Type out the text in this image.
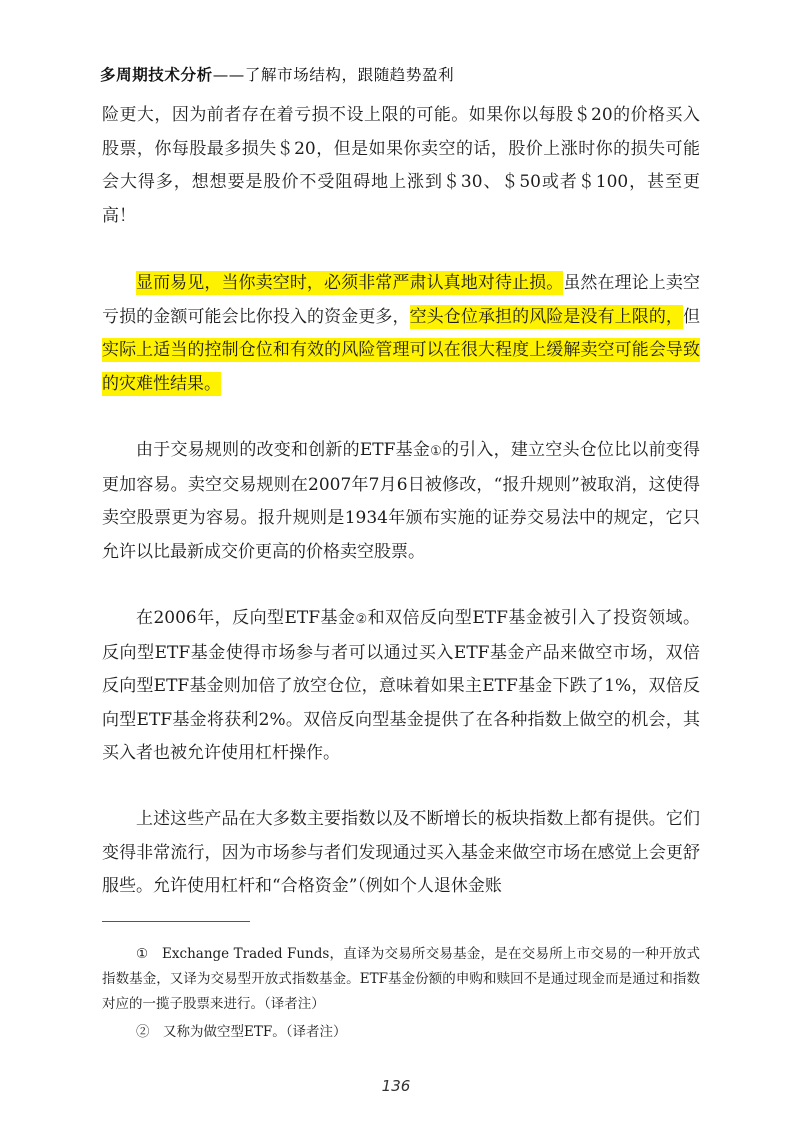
多周期技术分析——了解市场结构，跟随趋势盈利
险更大，因为前者存在着亏损不设上限的可能。如果你以每股＄20的价格买入股票，你每股最多损失＄20，但是如果你卖空的话，股价上涨时你的损失可能会大得多，想想要是股价不受阻碍地上涨到＄30、＄50或者＄100，甚至更高！
显而易见，当你卖空时，必须非常严肃认真地对待止损。虽然在理论上卖空亏损的金额可能会比你投入的资金更多，空头仓位承担的风险是没有上限的，但实际上适当的控制仓位和有效的风险管理可以在很大程度上缓解卖空可能会导致的灾难性结果。
由于交易规则的改变和创新的ETF基金①的引入，建立空头仓位比以前变得更加容易。卖空交易规则在2007年7月6日被修改，“报升规则”被取消，这使得卖空股票更为容易。报升规则是1934年颁布实施的证券交易法中的规定，它只允许以比最新成交价更高的价格卖空股票。
在2006年，反向型ETF基金②和双倍反向型ETF基金被引入了投资领域。反向型ETF基金使得市场参与者可以通过买入ETF基金产品来做空市场，双倍反向型ETF基金则加倍了放空仓位，意味着如果主ETF基金下跌了1%，双倍反向型ETF基金将获利2%。双倍反向型基金提供了在各种指数上做空的机会，其买入者也被允许使用杠杆操作。
上述这些产品在大多数主要指数以及不断增长的板块指数上都有提供。它们变得非常流行，因为市场参与者们发现通过买入基金来做空市场在感觉上会更舒服些。允许使用杠杆和“合格资金”（例如个人退休金账
①　Exchange Traded Funds，直译为交易所交易基金，是在交易所上市交易的一种开放式指数基金，又译为交易型开放式指数基金。ETF基金份额的申购和赎回不是通过现金而是通过和指数对应的一揽子股票来进行。（译者注）
②　又称为做空型ETF。（译者注）
136
